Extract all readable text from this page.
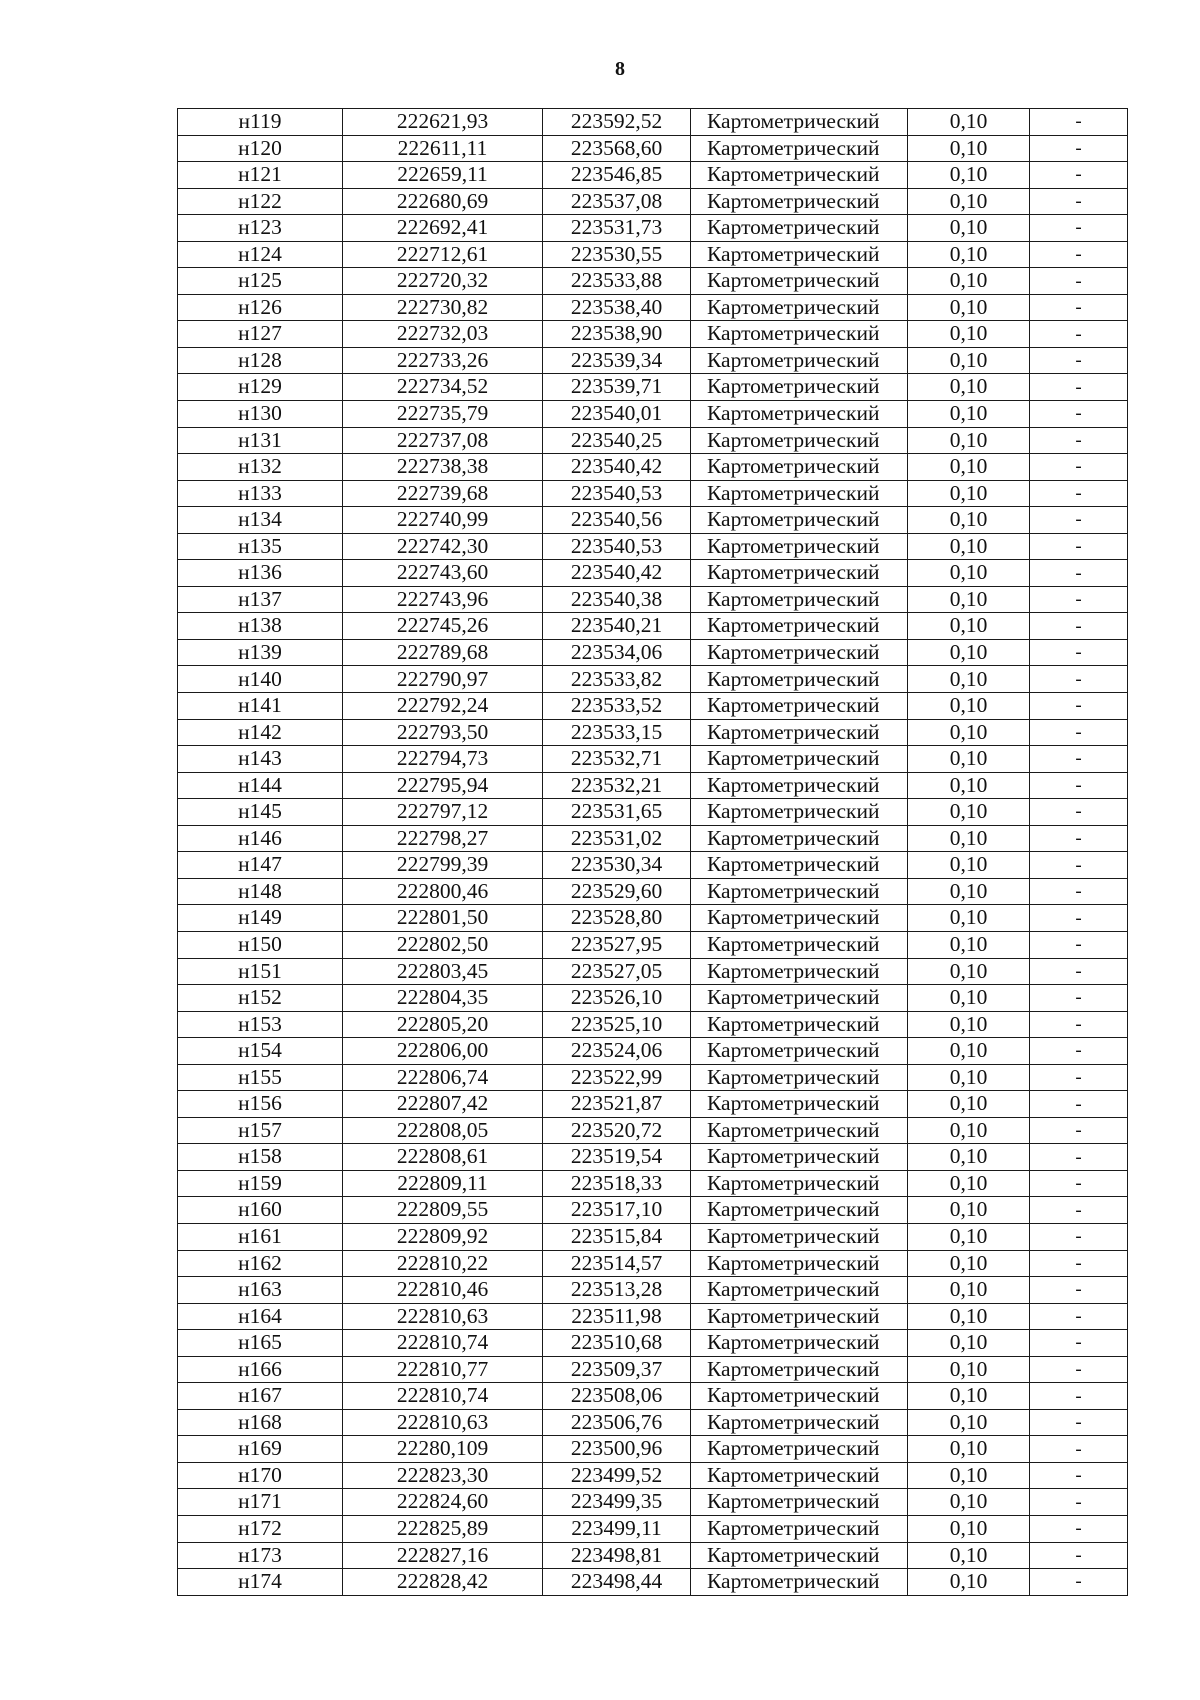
8
н119	222621,93	223592,52	Картометрический	0,10	-
н120	222611,11	223568,60	Картометрический	0,10	-
н121	222659,11	223546,85	Картометрический	0,10	-
н122	222680,69	223537,08	Картометрический	0,10	-
н123	222692,41	223531,73	Картометрический	0,10	-
н124	222712,61	223530,55	Картометрический	0,10	-
н125	222720,32	223533,88	Картометрический	0,10	-
н126	222730,82	223538,40	Картометрический	0,10	-
н127	222732,03	223538,90	Картометрический	0,10	-
н128	222733,26	223539,34	Картометрический	0,10	-
н129	222734,52	223539,71	Картометрический	0,10	-
н130	222735,79	223540,01	Картометрический	0,10	-
н131	222737,08	223540,25	Картометрический	0,10	-
н132	222738,38	223540,42	Картометрический	0,10	-
н133	222739,68	223540,53	Картометрический	0,10	-
н134	222740,99	223540,56	Картометрический	0,10	-
н135	222742,30	223540,53	Картометрический	0,10	-
н136	222743,60	223540,42	Картометрический	0,10	-
н137	222743,96	223540,38	Картометрический	0,10	-
н138	222745,26	223540,21	Картометрический	0,10	-
н139	222789,68	223534,06	Картометрический	0,10	-
н140	222790,97	223533,82	Картометрический	0,10	-
н141	222792,24	223533,52	Картометрический	0,10	-
н142	222793,50	223533,15	Картометрический	0,10	-
н143	222794,73	223532,71	Картометрический	0,10	-
н144	222795,94	223532,21	Картометрический	0,10	-
н145	222797,12	223531,65	Картометрический	0,10	-
н146	222798,27	223531,02	Картометрический	0,10	-
н147	222799,39	223530,34	Картометрический	0,10	-
н148	222800,46	223529,60	Картометрический	0,10	-
н149	222801,50	223528,80	Картометрический	0,10	-
н150	222802,50	223527,95	Картометрический	0,10	-
н151	222803,45	223527,05	Картометрический	0,10	-
н152	222804,35	223526,10	Картометрический	0,10	-
н153	222805,20	223525,10	Картометрический	0,10	-
н154	222806,00	223524,06	Картометрический	0,10	-
н155	222806,74	223522,99	Картометрический	0,10	-
н156	222807,42	223521,87	Картометрический	0,10	-
н157	222808,05	223520,72	Картометрический	0,10	-
н158	222808,61	223519,54	Картометрический	0,10	-
н159	222809,11	223518,33	Картометрический	0,10	-
н160	222809,55	223517,10	Картометрический	0,10	-
н161	222809,92	223515,84	Картометрический	0,10	-
н162	222810,22	223514,57	Картометрический	0,10	-
н163	222810,46	223513,28	Картометрический	0,10	-
н164	222810,63	223511,98	Картометрический	0,10	-
н165	222810,74	223510,68	Картометрический	0,10	-
н166	222810,77	223509,37	Картометрический	0,10	-
н167	222810,74	223508,06	Картометрический	0,10	-
н168	222810,63	223506,76	Картометрический	0,10	-
н169	22280,109	223500,96	Картометрический	0,10	-
н170	222823,30	223499,52	Картометрический	0,10	-
н171	222824,60	223499,35	Картометрический	0,10	-
н172	222825,89	223499,11	Картометрический	0,10	-
н173	222827,16	223498,81	Картометрический	0,10	-
н174	222828,42	223498,44	Картометрический	0,10	-
